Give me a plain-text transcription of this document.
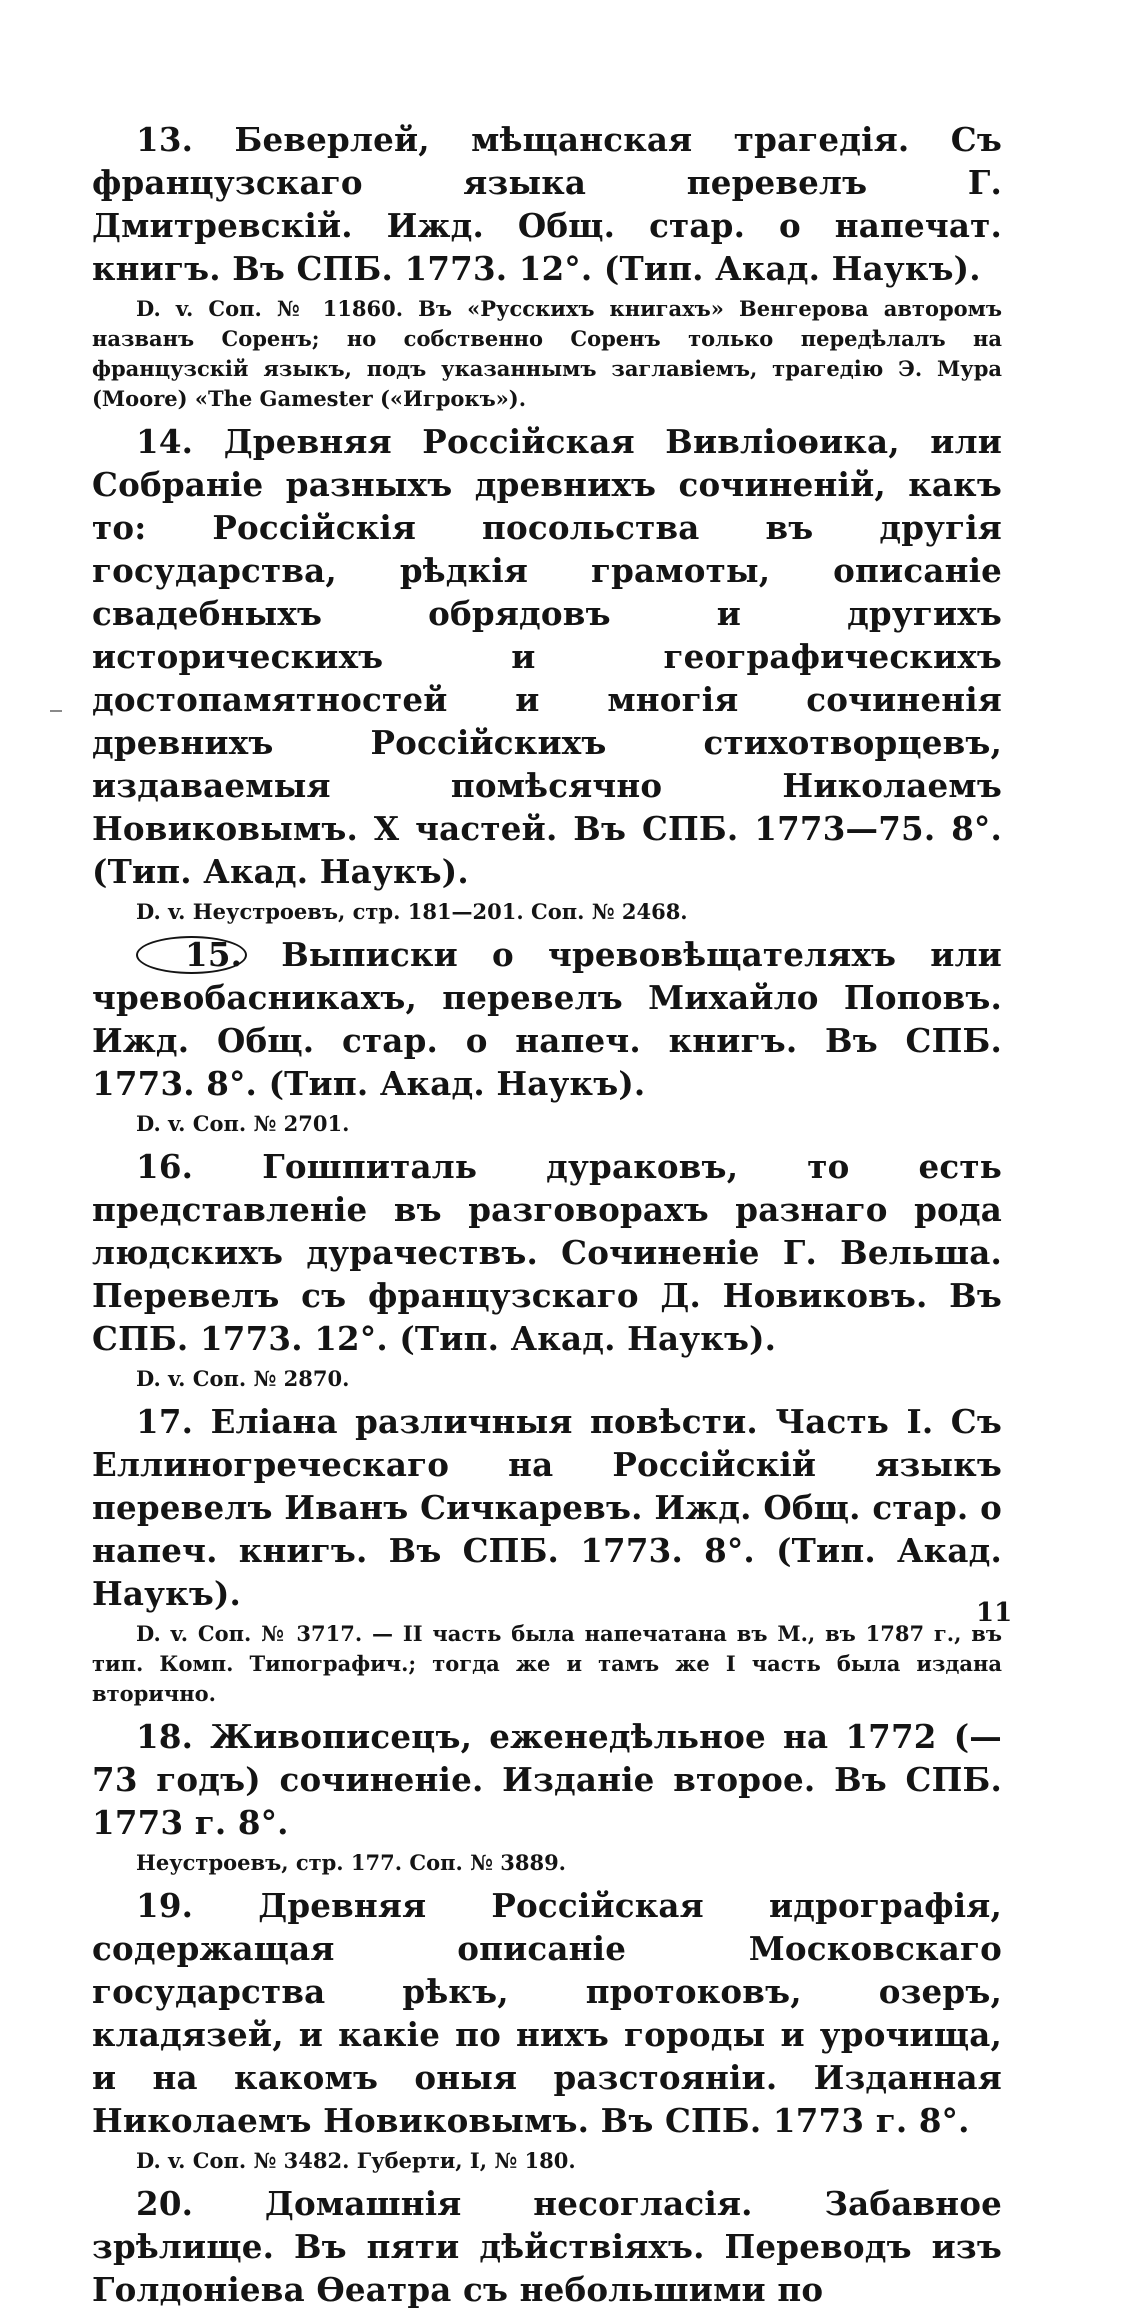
13. Беверлей, мѣщанская трагедія. Съ французскаго языка перевелъ Г. Дмитревскій. Ижд. Общ. стар. о напечат. книгъ. Въ СПБ. 1773. 12°. (Тип. Акад. Наукъ).

D. v. Соп. № 11860. Въ «Русскихъ книгахъ» Венгерова авторомъ названъ Соренъ; но собственно Соренъ только передѣлалъ на французскій языкъ, подъ указаннымъ заглавіемъ, трагедію Э. Мура (Moore) «The Gamester («Игрокъ»).

14. Древняя Россійская Вивліоѳика, или Собраніе разныхъ древнихъ сочиненій, какъ то: Россійскія посольства въ другія государства, рѣдкія грамоты, описаніе свадебныхъ обрядовъ и другихъ историческихъ и географическихъ достопамятностей и многія сочиненія древнихъ Россійскихъ стихотворцевъ, издаваемыя помѣсячно Николаемъ Новиковымъ. X частей. Въ СПБ. 1773—75. 8°. (Тип. Акад. Наукъ).

D. v. Неустроевъ, стр. 181—201. Соп. № 2468.

15. Выписки о чревовѣщателяхъ или чревобасникахъ, перевелъ Михайло Поповъ. Ижд. Общ. стар. о напеч. книгъ. Въ СПБ. 1773. 8°. (Тип. Акад. Наукъ).

D. v. Соп. № 2701.

16. Гошпиталь дураковъ, то есть представленіе въ разговорахъ разнаго рода людскихъ дурачествъ. Сочиненіе Г. Вельша. Перевелъ съ французскаго Д. Новиковъ. Въ СПБ. 1773. 12°. (Тип. Акад. Наукъ).

D. v. Соп. № 2870.

17. Еліана различныя повѣсти. Часть I. Съ Еллиногреческаго на Россійскій языкъ перевелъ Иванъ Сичкаревъ. Ижд. Общ. стар. о напеч. книгъ. Въ СПБ. 1773. 8°. (Тип. Акад. Наукъ).

D. v. Соп. № 3717. — II часть была напечатана въ М., въ 1787 г., въ тип. Комп. Типографич.; тогда же и тамъ же I часть была издана вторично.

18. Живописецъ, еженедѣльное на 1772 (—73 годъ) сочиненіе. Изданіе второе. Въ СПБ. 1773 г. 8°.

Неустроевъ, стр. 177. Соп. № 3889.

19. Древняя Россійская идрографія, содержащая описаніе Московскаго государства рѣкъ, протоковъ, озеръ, кладязей, и какіе по нихъ городы и урочища, и на какомъ оныя разстояніи. Изданная Николаемъ Новиковымъ. Въ СПБ. 1773 г. 8°.

D. v. Соп. № 3482. Губерти, I, № 180.

20. Домашнія несогласія. Забавное зрѣлище. Въ пяти дѣйствіяхъ. Переводъ изъ Голдоніева Ѳеатра съ небольшими по

11
